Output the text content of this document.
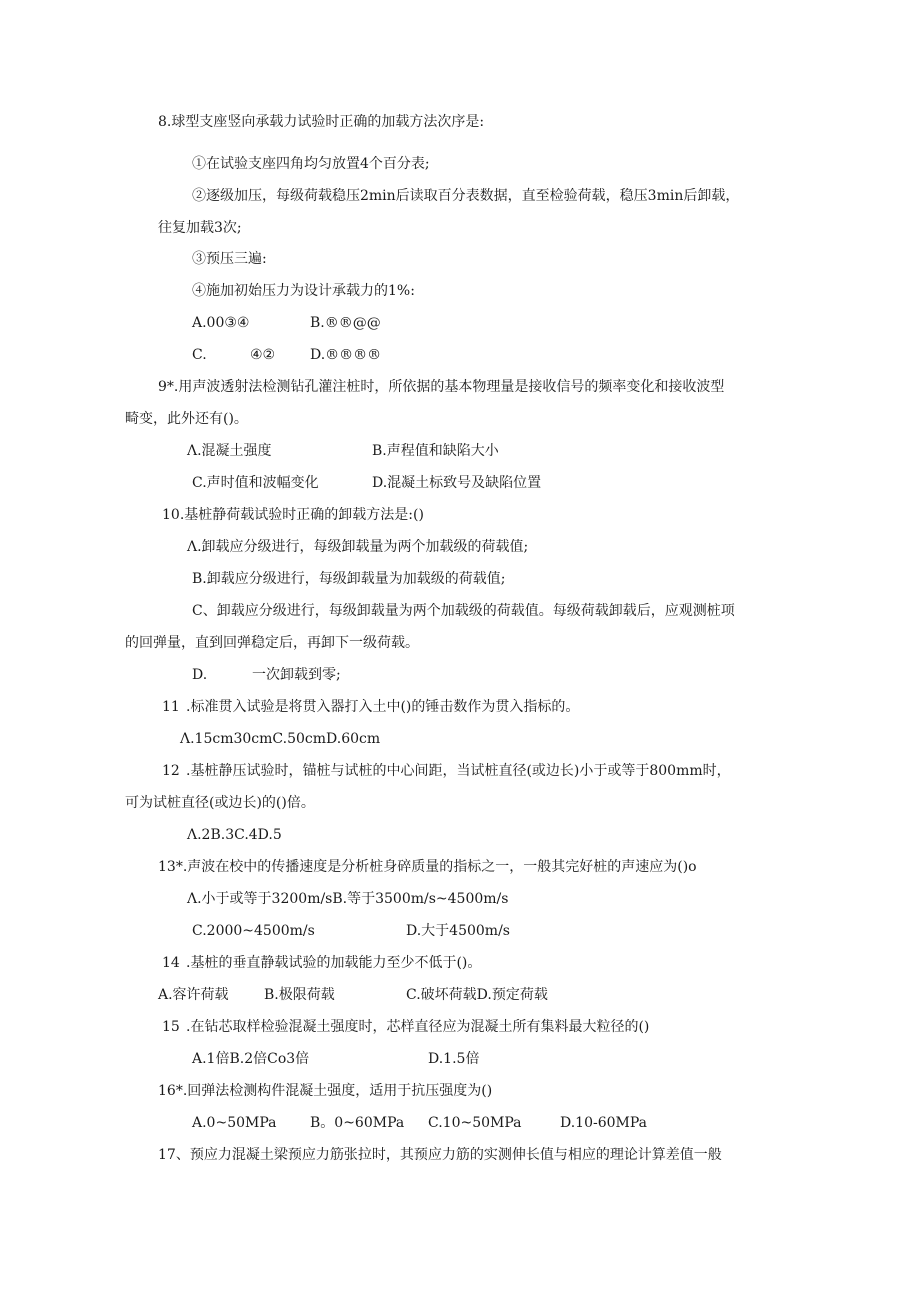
8.球型支座竖向承载力试验时正确的加载方法次序是:
①在试验支座四角均匀放置4个百分表;
②逐级加压，每级荷载稳压2min后读取百分表数据，直至检验荷载，稳压3min后卸载，
往复加载3次;
③预压三遍:
④施加初始压力为设计承载力的1%:
A.00③④	B.®®@@
C.	④② D.®®®®
9*.用声波透射法检测钻孔灌注桩时，所依据的基本物理量是接收信号的频率变化和接收波型
畸变，此外还有()。
Λ.混凝土强度	B.声程值和缺陷大小
C.声时值和波幅变化	D.混凝土标致号及缺陷位置
10.基桩静荷载试验时正确的卸载方法是:()
Λ.卸载应分级进行，每级卸载量为两个加载级的荷载值;
B.卸载应分级进行，每级卸载量为加载级的荷载值;
C、卸载应分级进行，每级卸载量为两个加载级的荷载值。每级荷载卸载后，应观测桩项
的回弹量，直到回弹稳定后，再卸下一级荷载。
D.	一次卸载到零;
11 .标准贯入试验是将贯入器打入土中()的锤击数作为贯入指标的。
Λ.15cm30cmC.50cmD.60cm
12 .基桩静压试验时，锚桩与试桩的中心间距，当试桩直径(或边长)小于或等于800mm时，
可为试桩直径(或边长)的()倍。
Λ.2B.3C.4D.5
13*.声波在校中的传播速度是分析桩身碎质量的指标之一，一般其完好桩的声速应为()o
Λ.小于或等于3200m/sB.等于3500m/s~4500m/s
C.2000~4500m/s	D.大于4500m/s
14 .基桩的垂直静载试验的加载能力至少不低于()。
A.容许荷载	B.极限荷载	C.破坏荷载D.预定荷载
15 .在钻芯取样检验混凝土强度时，芯样直径应为混凝土所有集料最大粒径的()
A.1倍B.2倍Co3倍	D.1.5倍
16*.回弹法检测构件混凝土强度，适用于抗压强度为()
A.0~50MPa B。0~60MPa C.10~50MPa	D.10-60MPa
17、预应力混凝土梁预应力筋张拉时，其预应力筋的实测伸长值与相应的理论计算差值一般
